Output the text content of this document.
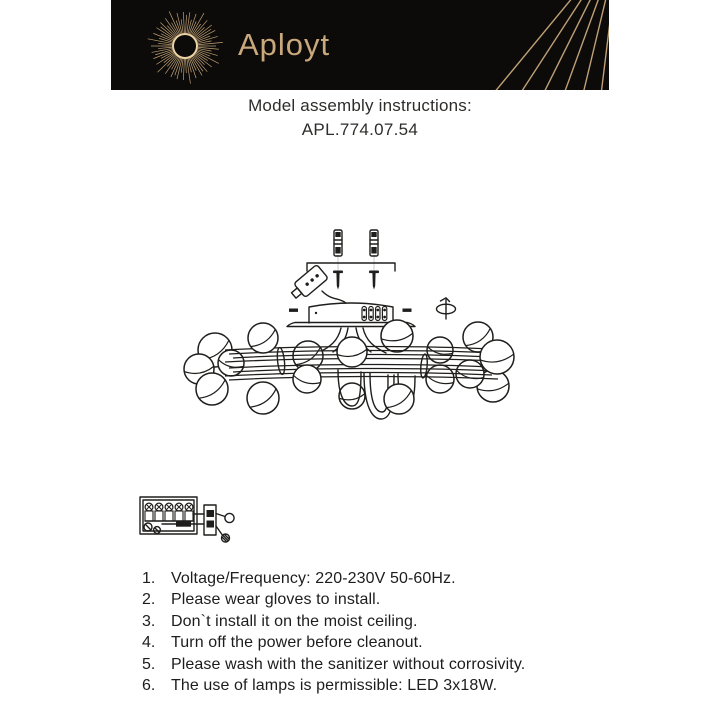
Aployt
Model assembly instructions:
APL.774.07.54
1. Voltage/Frequency: 220-230V 50-60Hz.
2. Please wear gloves to install.
3. Don`t install it on the moist ceiling.
4. Turn off the power before cleanout.
5. Please wash with the sanitizer without corrosivity.
6. The use of lamps is permissible: LED 3x18W.
